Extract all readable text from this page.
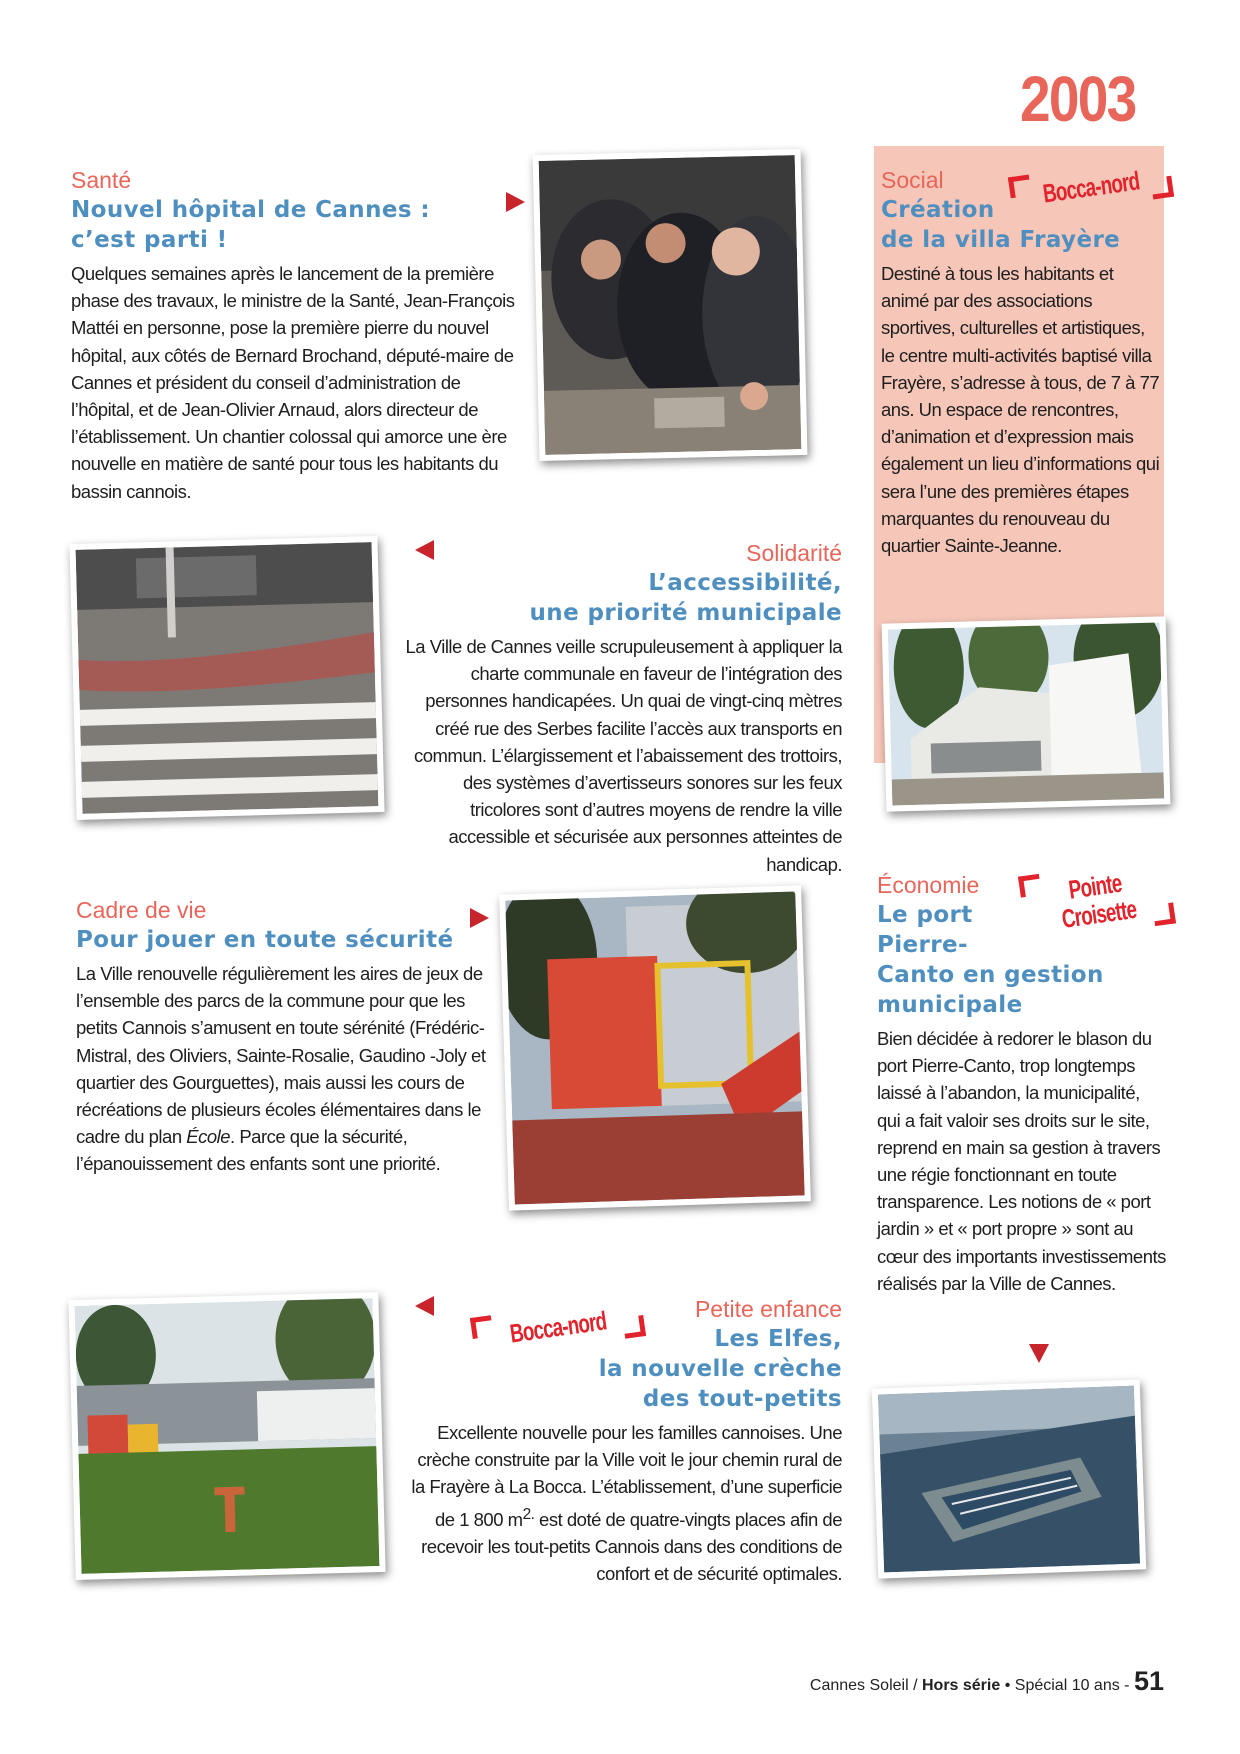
2003
Santé
Nouvel hôpital de Cannes :
c’est parti !
Quelques semaines après le lancement de la première phase des travaux, le ministre de la Santé, Jean-François Mattéi en personne, pose la première pierre du nouvel hôpital, aux côtés de Bernard Brochand, député-maire de Cannes et président du conseil d’administration de l’hôpital, et de Jean-Olivier Arnaud, alors directeur de l’établissement. Un chantier colossal qui amorce une ère nouvelle en matière de santé pour tous les habitants du bassin cannois.
Social
Création
de la villa Frayère
Destiné à tous les habitants et animé par des associations sportives, culturelles et artistiques, le centre multi-activités baptisé villa Frayère, s’adresse à tous, de 7 à 77 ans. Un espace de rencontres, d’animation et d’expression mais également un lieu d’informations qui sera l’une des premières étapes marquantes du renouveau du quartier Sainte-Jeanne.
Bocca-nord
Solidarité
L’accessibilité,
une priorité municipale
La Ville de Cannes veille scrupuleusement à appliquer la charte communale en faveur de l’intégration des personnes handicapées. Un quai de vingt-cinq mètres créé rue des Serbes facilite l’accès aux transports en commun. L’élargissement et l’abaissement des trottoirs, des systèmes d’avertisseurs sonores sur les feux tricolores sont d’autres moyens de rendre la ville accessible et sécurisée aux personnes atteintes de handicap.
Cadre de vie
Pour jouer en toute sécurité
La Ville renouvelle régulièrement les aires de jeux de l’ensemble des parcs de la commune pour que les petits Cannois s’amusent en toute sérénité (Frédéric-Mistral, des Oliviers, Sainte-Rosalie, Gaudino -Joly et quartier des Gourguettes), mais aussi les cours de récréations de plusieurs écoles élémentaires dans le cadre du plan École. Parce que la sécurité, l’épanouissement des enfants sont une priorité.
Économie
Le port
Pierre-
Canto en gestion
municipale
Bien décidée à redorer le blason du port Pierre-Canto, trop longtemps laissé à l’abandon, la municipalité, qui a fait valoir ses droits sur le site, reprend en main sa gestion à travers une régie fonctionnant en toute transparence. Les notions de « port jardin » et « port propre » sont au cœur des importants investissements réalisés par la Ville de Cannes.
Pointe
Croisette
Petite enfance
Les Elfes,
la nouvelle crèche
des tout-petits
Excellente nouvelle pour les familles cannoises. Une crèche construite par la Ville voit le jour chemin rural de la Frayère à La Bocca. L’établissement, d’une superficie de 1 800 $m^{2.}$ est doté de quatre-vingts places afin de recevoir les tout-petits Cannois dans des conditions de confort et de sécurité optimales.
Bocca-nord
Cannes Soleil / Hors série • Spécial 10 ans - 51
